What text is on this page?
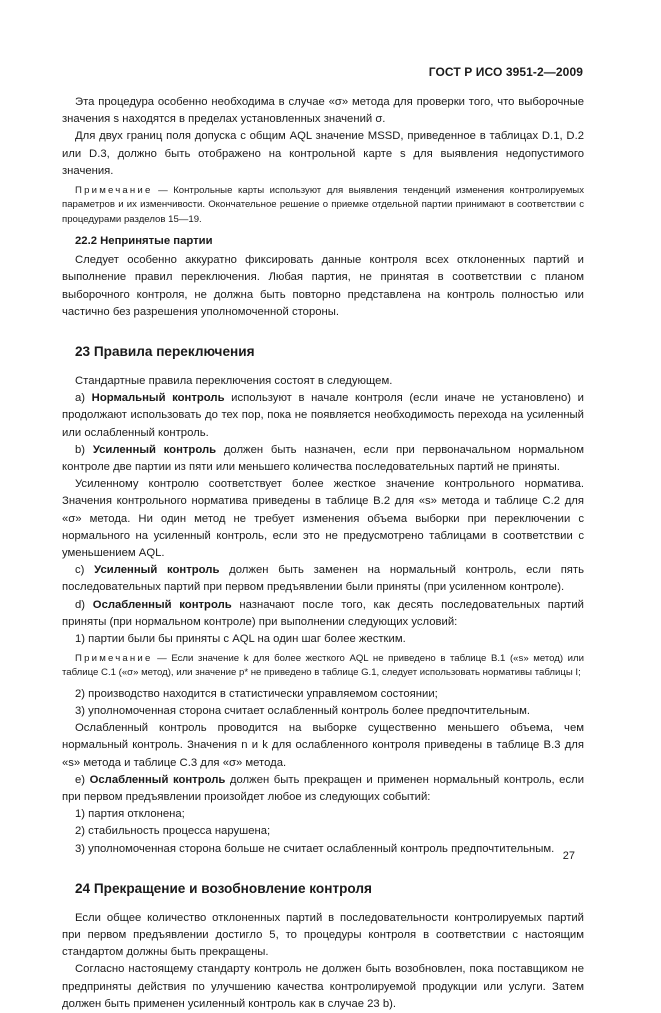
ГОСТ Р ИСО 3951-2—2009

Эта процедура особенно необходима в случае «σ» метода для проверки того, что выборочные значения s находятся в пределах установленных значений σ.

Для двух границ поля допуска с общим AQL значение MSSD, приведенное в таблицах D.1, D.2 или D.3, должно быть отображено на контрольной карте s для выявления недопустимого значения.

Примечание — Контрольные карты используют для выявления тенденций изменения контролируемых параметров и их изменчивости. Окончательное решение о приемке отдельной партии принимают в соответствии с процедурами разделов 15—19.

22.2 Непринятые партии

Следует особенно аккуратно фиксировать данные контроля всех отклоненных партий и выполнение правил переключения. Любая партия, не принятая в соответствии с планом выборочного контроля, не должна быть повторно представлена на контроль полностью или частично без разрешения уполномоченной стороны.

23 Правила переключения

Стандартные правила переключения состоят в следующем.

a) Нормальный контроль используют в начале контроля (если иначе не установлено) и продолжают использовать до тех пор, пока не появляется необходимость перехода на усиленный или ослабленный контроль.

b) Усиленный контроль должен быть назначен, если при первоначальном нормальном контроле две партии из пяти или меньшего количества последовательных партий не приняты.

Усиленному контролю соответствует более жесткое значение контрольного норматива. Значения контрольного норматива приведены в таблице B.2 для «s» метода и таблице C.2 для «σ» метода. Ни один метод не требует изменения объема выборки при переключении с нормального на усиленный контроль, если это не предусмотрено таблицами в соответствии с уменьшением AQL.

c) Усиленный контроль должен быть заменен на нормальный контроль, если пять последовательных партий при первом предъявлении были приняты (при усиленном контроле).

d) Ослабленный контроль назначают после того, как десять последовательных партий приняты (при нормальном контроле) при выполнении следующих условий:

1) партии были бы приняты с AQL на один шаг более жестким.

Примечание — Если значение k для более жесткого AQL не приведено в таблице B.1 («s» метод) или таблице C.1 («σ» метод), или значение p* не приведено в таблице G.1, следует использовать нормативы таблицы I;

2) производство находится в статистически управляемом состоянии;

3) уполномоченная сторона считает ослабленный контроль более предпочтительным.

Ослабленный контроль проводится на выборке существенно меньшего объема, чем нормальный контроль. Значения n и k для ослабленного контроля приведены в таблице B.3 для «s» метода и таблице C.3 для «σ» метода.

e) Ослабленный контроль должен быть прекращен и применен нормальный контроль, если при первом предъявлении произойдет любое из следующих событий:

1) партия отклонена;

2) стабильность процесса нарушена;

3) уполномоченная сторона больше не считает ослабленный контроль предпочтительным.

24 Прекращение и возобновление контроля

Если общее количество отклоненных партий в последовательности контролируемых партий при первом предъявлении достигло 5, то процедуры контроля в соответствии с настоящим стандартом должны быть прекращены.

Согласно настоящему стандарту контроль не должен быть возобновлен, пока поставщиком не предприняты действия по улучшению качества контролируемой продукции или услуги. Затем должен быть применен усиленный контроль как в случае 23 b).

27
